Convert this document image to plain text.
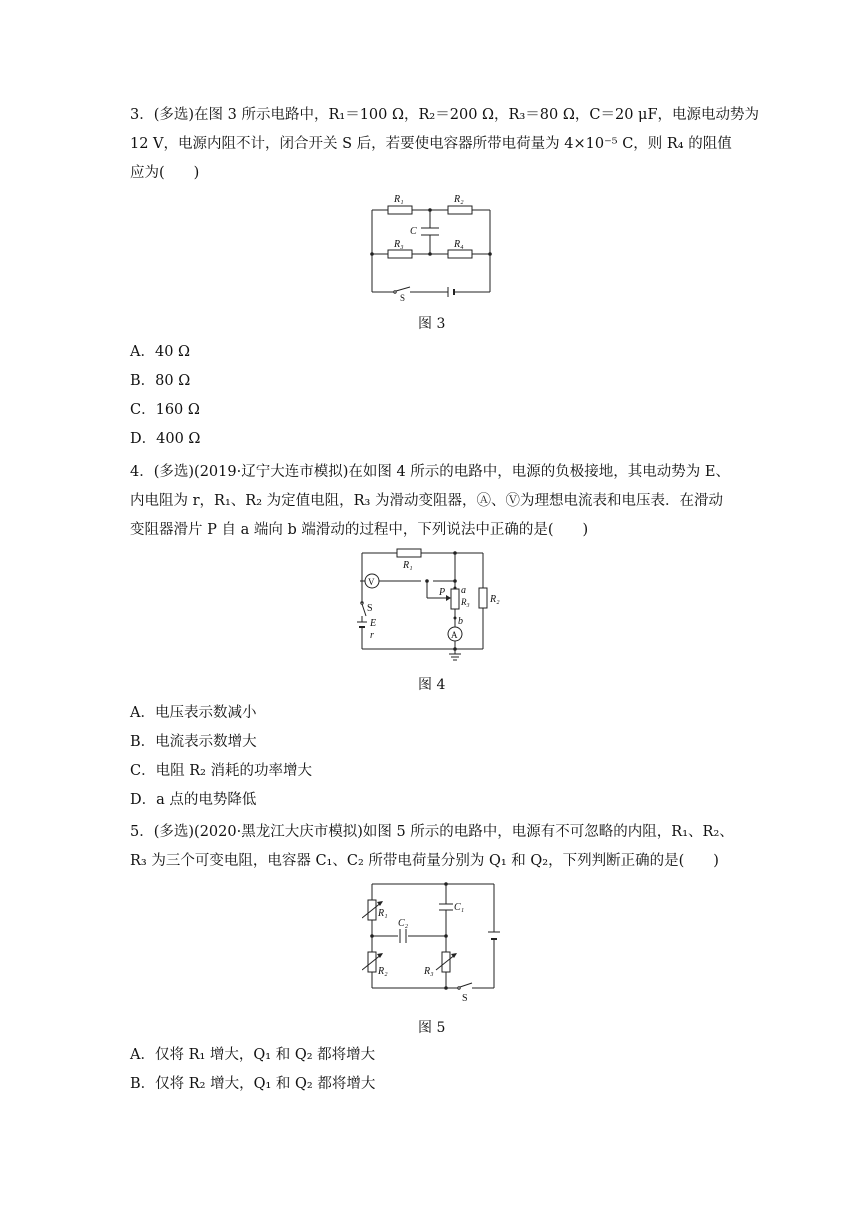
3．(多选)在图 3 所示电路中，R₁＝100 Ω，R₂＝200 Ω，R₃＝80 Ω，C＝20 μF，电源电动势为
12 V，电源内阻不计，闭合开关 S 后，若要使电容器所带电荷量为 4×10⁻⁵ C，则 R₄ 的阻值
应为(　　)
R₁	R₂
R₃	R₄
C
S
图 3
A．40 Ω
B．80 Ω
C．160 Ω
D．400 Ω
4．(多选)(2019·辽宁大连市模拟)在如图 4 所示的电路中，电源的负极接地，其电动势为 E、
内电阻为 r，R₁、R₂ 为定值电阻，R₃ 为滑动变阻器，Ⓐ、Ⓥ为理想电流表和电压表．在滑动
变阻器滑片 P 自 a 端向 b 端滑动的过程中，下列说法中正确的是(　　)
R₁
R₂
R₃
V
A
P a
b
S
E
r
图 4
A．电压表示数减小
B．电流表示数增大
C．电阻 R₂ 消耗的功率增大
D．a 点的电势降低
5．(多选)(2020·黑龙江大庆市模拟)如图 5 所示的电路中，电源有不可忽略的内阻，R₁、R₂、
R₃ 为三个可变电阻，电容器 C₁、C₂ 所带电荷量分别为 Q₁ 和 Q₂，下列判断正确的是(　　)
R₁
R₂	R₃
C₁
C₂
S
图 5
A．仅将 R₁ 增大，Q₁ 和 Q₂ 都将增大
B．仅将 R₂ 增大，Q₁ 和 Q₂ 都将增大
